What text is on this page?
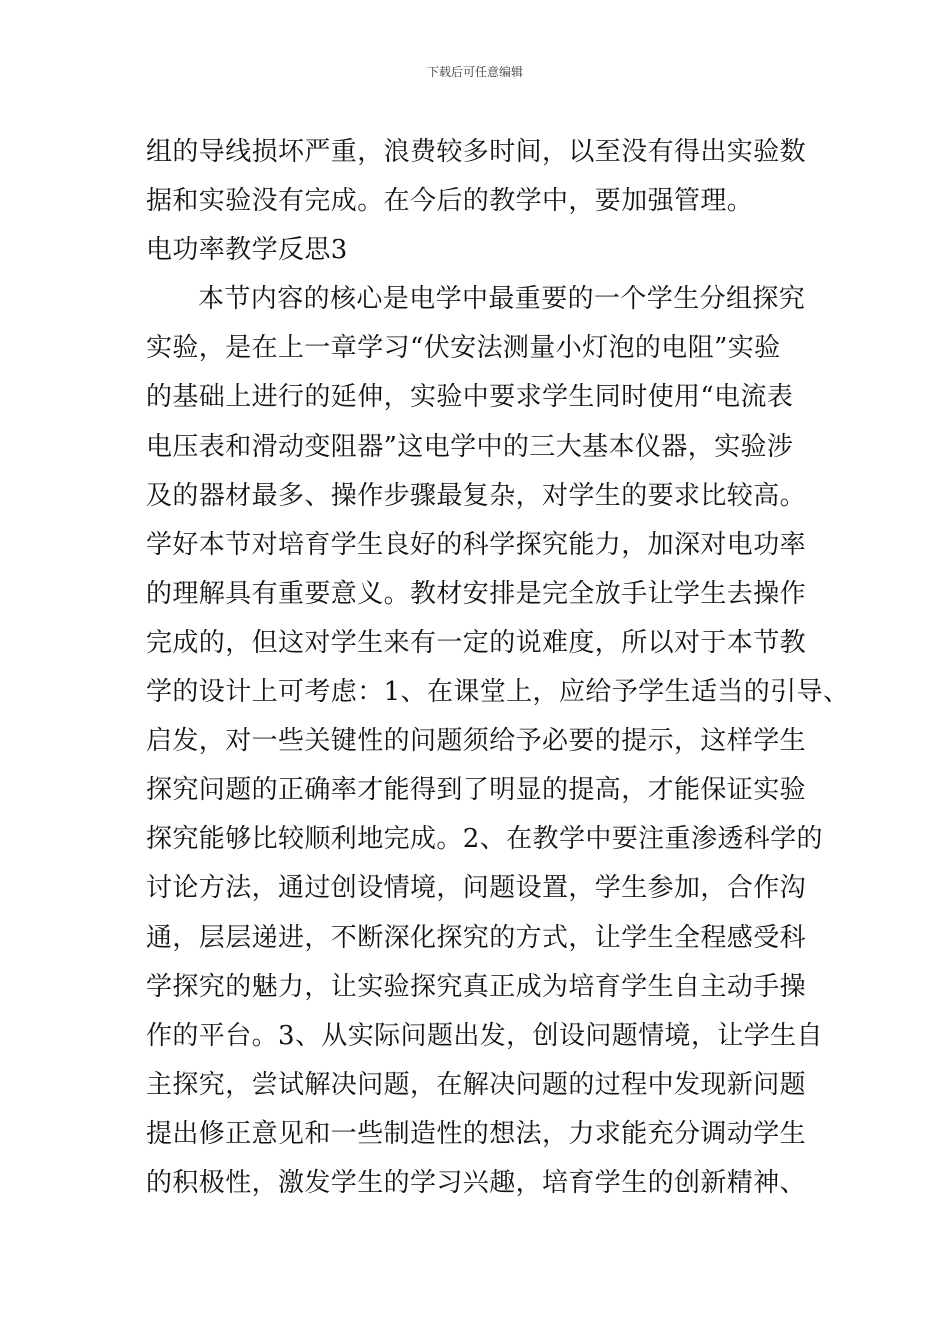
下载后可任意编辑
组的导线损坏严重，浪费较多时间，以至没有得出实验数
据和实验没有完成。在今后的教学中，要加强管理。
电功率教学反思3
本节内容的核心是电学中最重要的一个学生分组探究
实验，是在上一章学习“伏安法测量小灯泡的电阻”实验
的基础上进行的延伸，实验中要求学生同时使用“电流表
电压表和滑动变阻器”这电学中的三大基本仪器，实验涉
及的器材最多、操作步骤最复杂，对学生的要求比较高。
学好本节对培育学生良好的科学探究能力，加深对电功率
的理解具有重要意义。教材安排是完全放手让学生去操作
完成的，但这对学生来有一定的说难度，所以对于本节教
学的设计上可考虑：1、在课堂上，应给予学生适当的引导、
启发，对一些关键性的问题须给予必要的提示，这样学生
探究问题的正确率才能得到了明显的提高，才能保证实验
探究能够比较顺利地完成。2、在教学中要注重渗透科学的
讨论方法，通过创设情境，问题设置，学生参加，合作沟
通，层层递进，不断深化探究的方式，让学生全程感受科
学探究的魅力，让实验探究真正成为培育学生自主动手操
作的平台。3、从实际问题出发，创设问题情境，让学生自
主探究，尝试解决问题，在解决问题的过程中发现新问题
提出修正意见和一些制造性的想法，力求能充分调动学生
的积极性，激发学生的学习兴趣，培育学生的创新精神、
